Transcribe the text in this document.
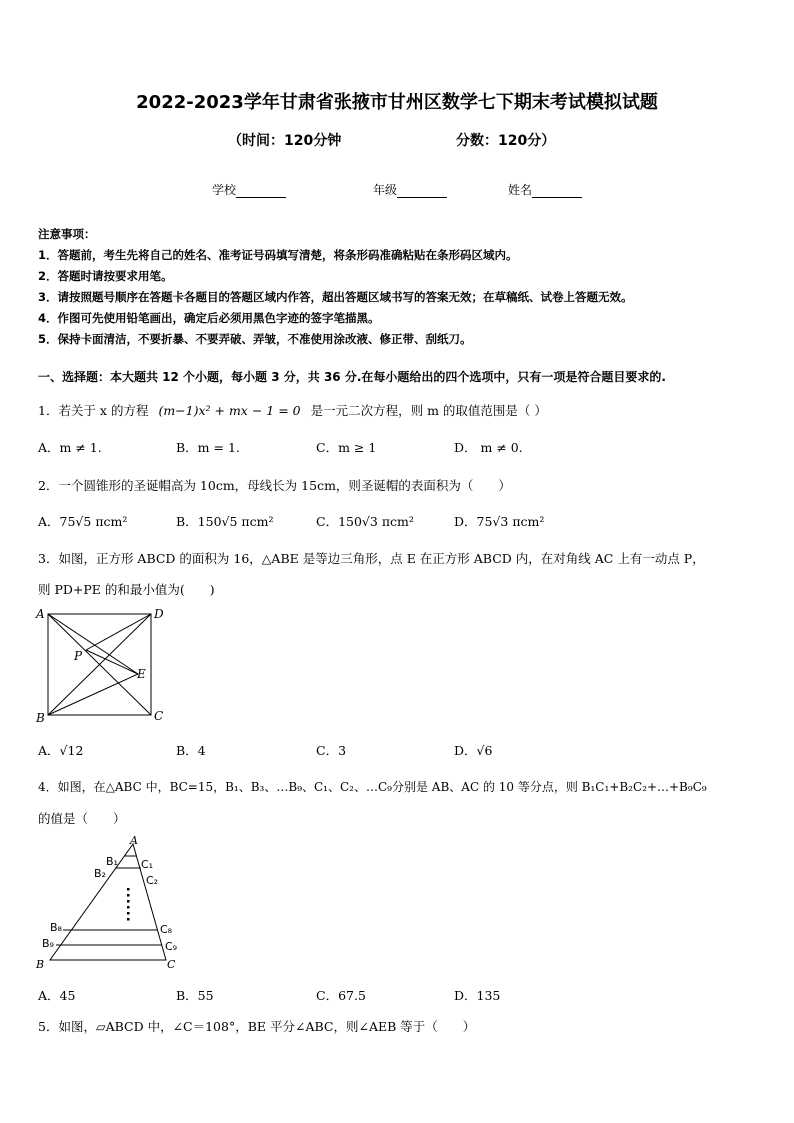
2022-2023学年甘肃省张掖市甘州区数学七下期末考试模拟试题
（时间：120分钟	分数：120分）
学校	年级	姓名
注意事项：
1．答题前，考生先将自己的姓名、准考证号码填写清楚，将条形码准确粘贴在条形码区域内。
2．答题时请按要求用笔。
3．请按照题号顺序在答题卡各题目的答题区域内作答，超出答题区域书写的答案无效；在草稿纸、试卷上答题无效。
4．作图可先使用铅笔画出，确定后必须用黑色字迹的签字笔描黑。
5．保持卡面清洁，不要折暴、不要弄破、弄皱，不准使用涂改液、修正带、刮纸刀。
一、选择题：本大题共 12 个小题，每小题 3 分，共 36 分.在每小题给出的四个选项中，只有一项是符合题目要求的.
1．若关于 x 的方程 (m−1)x² + mx − 1 = 0 是一元二次方程，则 m 的取值范围是（ ）
A．m ≠ 1.	B．m = 1.	C．m ≥ 1	D． m ≠ 0.
2．一个圆锥形的圣诞帽高为 10cm，母线长为 15cm，则圣诞帽的表面积为（　　）
A．75√5 πcm²	B．150√5 πcm²	C．150√3 πcm²	D．75√3 πcm²
3．如图，正方形 ABCD 的面积为 16，△ABE 是等边三角形，点 E 在正方形 ABCD 内，在对角线 AC 上有一动点 P，
则 PD+PE 的和最小值为(　　)
A	D
B	C
P
E
A．√12	B．4	C．3	D．√6
4．如图，在△ABC 中，BC=15，B₁、B₃、…B₉、C₁、C₂、…C₉分别是 AB、AC 的 10 等分点，则 B₁C₁+B₂C₂+…+B₉C₉
的值是（　　）
A
B	C
B₁
B₂
B₈
B₉
C₁
C₂
C₈
C₉
A．45	B．55	C．67.5	D．135
5．如图，▱ABCD 中，∠C＝108°，BE 平分∠ABC，则∠AEB 等于（　　）
